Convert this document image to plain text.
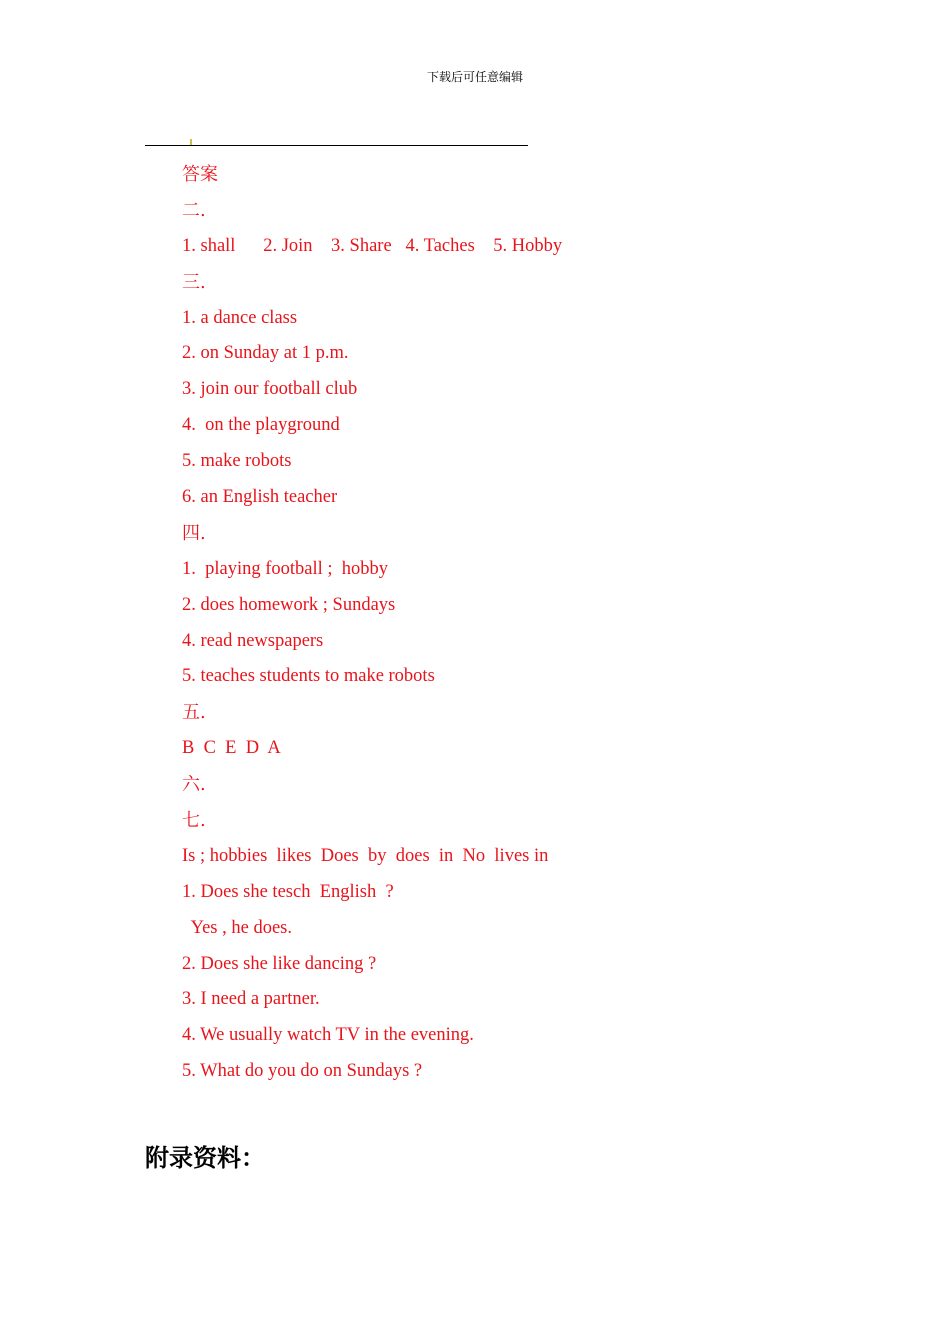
下载后可任意编辑
答案
二.
1. shall      2. Join    3. Share   4. Taches    5. Hobby
三.
1. a dance class
2. on Sunday at 1 p.m.
3. join our football club
4.  on the playground
5. make robots
6. an English teacher
四.
1.  playing football ;  hobby
2. does homework ; Sundays
4. read newspapers
5. teaches students to make robots
五.
B  C  E  D  A
六.
七.
Is ; hobbies  likes  Does  by  does  in  No  lives in
1. Does she tesch  English  ?
Yes , he does.
2. Does she like dancing ?
3. I need a partner.
4. We usually watch TV in the evening.
5. What do you do on Sundays ?
附录资料：
